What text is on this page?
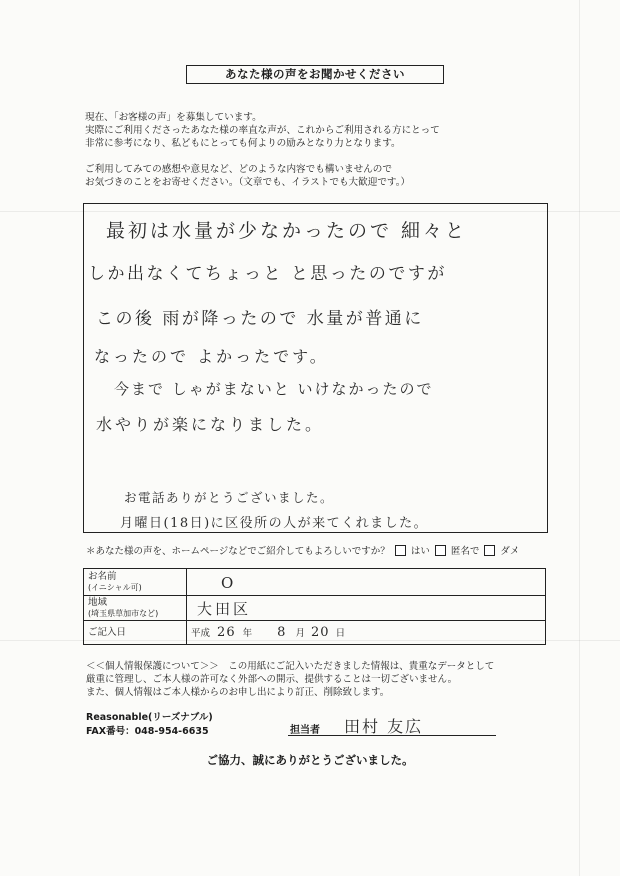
あなた様の声をお聞かせください
現在、「お客様の声」を募集しています。
実際にご利用くださったあなた様の率直な声が、これからご利用される方にとって
非常に参考になり、私どもにとっても何よりの励みとなり力となります。
ご利用してみての感想や意見など、どのような内容でも構いませんので
お気づきのことをお寄せください。（文章でも、イラストでも大歓迎です。）
最初は水量が少なかったので 細々と
しか出なくてちょっと と思ったのですが
この後 雨が降ったので 水量が普通に
なったので よかったです。
今まで しゃがまないと いけなかったので
水やりが楽になりました。
お電話ありがとうございました。
月曜日(18日)に区役所の人が来てくれました。
＊あなた様の声を、ホームページなどでご紹介してもよろしいですか？ はい 匿名で ダメ
お名前
(イニシャル可)	O

地域
(埼玉県草加市など)	大田区

ご記入日	平成 26 年 8 月 20 日
＜＜個人情報保護について＞＞　この用紙にご記入いただきました情報は、貴重なデータとして
厳重に管理し、ご本人様の許可なく外部への開示、提供することは一切ございません。
また、個人情報はご本人様からのお申し出により訂正、削除致します。
Reasonable(リーズナブル)
FAX番号：048-954-6635	担当者 田村 友広
ご協力、誠にありがとうございました。
